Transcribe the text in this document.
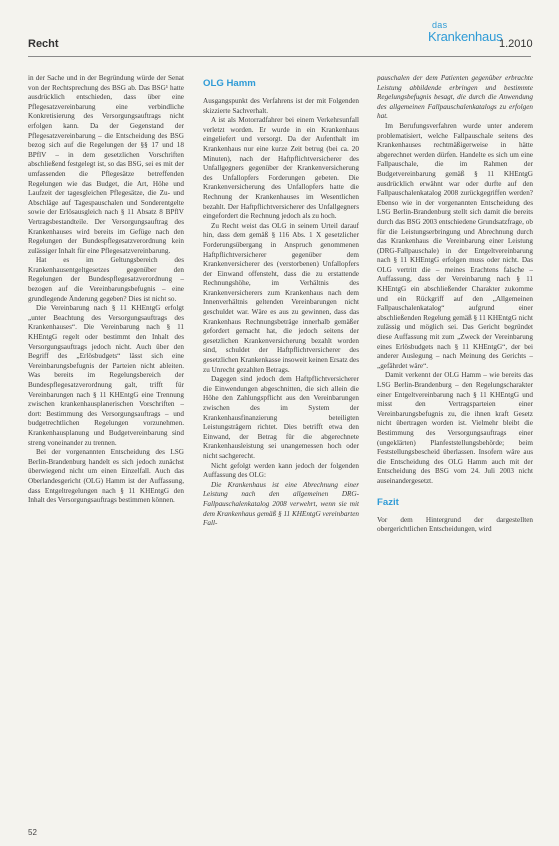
Recht
das
Krankenhaus
1.2010

in der Sache und in der Begründung würde der Senat von der Rechtsprechung des BSG ab. Das BSG¹ hatte ausdrücklich entschieden, dass über eine Pflegesatzvereinbarung eine verbindliche Konkretisierung des Versorgungsauftrags nicht erfolgen kann. Da der Gegenstand der Pflegesatzvereinbarung – die Entscheidung des BSG bezog sich auf die Regelungen der §§ 17 und 18 BPflV – in dem gesetzlichen Vorschriften abschließend festgelegt ist, so das BSG, sei es mit der umfassenden die Pflegesätze betreffenden Regelungen wie das Budget, die Art, Höhe und Laufzeit der tagesgleichen Pflegesätze, die Zu- und Abschläge auf Tagespauschalen und Sonderentgelte sowie der Erlösausgleich nach § 11 Absatz 8 BPflV Vertragsbestandteile. Der Versorgungsauftrag des Krankenhauses wird bereits im Gefüge nach den Regelungen der Bundespflegesatzverordnung kein zulässiger Inhalt für eine Pflegesatzvereinbarung.

Hat es im Geltungsbereich des Krankenhausentgeltgesetzes gegenüber den Regelungen der Bundespflegesatzverordnung – bezogen auf die Vereinbarungsbefugnis – eine grundlegende Änderung gegeben? Dies ist nicht so.

Die Vereinbarung nach § 11 KHEntgG erfolgt „unter Beachtung des Versorgungsauftrags des Krankenhauses“. Die Vereinbarung nach § 11 KHEntgG regelt oder bestimmt den Inhalt des Versorgungsauftrags jedoch nicht. Auch über den Begriff des „Erlösbudgets“ lässt sich eine Vereinbarungsbefugnis der Parteien nicht ableiten. Was bereits im Regelungsbereich der Bundespflegesatzverordnung galt, trifft für Vereinbarungen nach § 11 KHEntgG eine Trennung zwischen krankenhausplanerischen Vorschriften – dort: Bestimmung des Versorgungsauftrags – und budgetrechtlichen Regelungen vorzunehmen. Krankenhausplanung und Budgetvereinbarung sind streng voneinander zu trennen.

Bei der vorgenannten Entscheidung des LSG Berlin-Brandenburg handelt es sich jedoch zunächst überwiegend nicht um einen Einzelfall. Auch das Oberlandesgericht (OLG) Hamm ist der Auffassung, dass Entgeltregelungen nach § 11 KHEntgG den Inhalt des Versorgungsauftrags bestimmen können.

OLG Hamm

Ausgangspunkt des Verfahrens ist der mit Folgenden skizzierte Sachverhalt.

A ist als Motorradfahrer bei einem Verkehrsunfall verletzt worden. Er wurde in ein Krankenhaus eingeliefert und versorgt. Da der Aufenthalt im Krankenhaus nur eine kurze Zeit betrug (bei ca. 20 Minuten), nach der Haftpflichtversicherer des Unfallgegners gegenüber der Krankenversicherung des Unfallopfers Forderungen gebeten. Die Krankenversicherung des Unfallopfers hatte die Rechnung der Krankenhauses im Wesentlichen bezahlt. Der Haftpflichtversicherer des Unfallgegners eingefordert die Rechnung jedoch als zu hoch.

Zu Recht weist das OLG in seinem Urteil darauf hin, dass dem gemäß § 116 Abs. 1 X gesetzlicher Forderungsübergang in Anspruch genommenen Haftpflichtversicherer gegenüber dem Krankenversicherer des (verstorbenen) Unfallopfers der Einwand offensteht, dass die zu erstattende Rechnungshöhe, im Verhältnis des Krankenversicherers zum Krankenhaus nach dem Innenverhältnis geltenden Vereinbarungen nicht geschuldet war. Wäre es aus zu gewinnen, dass das Krankenhaus Rechnungsbeträge innerhalb gemäßer gefordert gemacht hat, die jedoch seitens der gesetzlichen Krankenversicherung bezahlt worden sind, schuldet der Haftpflichtversicherer des gesetzlichen Krankenkasse insoweit keinen Ersatz des zu Unrecht gezahlten Betrags.

Dagegen sind jedoch dem Haftpflichtversicherer die Einwendungen abgeschnitten, die sich allein die Höhe den Zahlungspflicht aus den Vereinbarungen zwischen des im System der Krankenhausfinanzierung beteiligten Leistungsträgern richtet. Dies betrifft etwa den Einwand, der Betrag für die abgerechnete Krankenhausleistung sei unangemessen hoch oder nicht sachgerecht.

Nicht gefolgt werden kann jedoch der folgenden Auffassung des OLG:

Die Krankenhaus ist eine Abrechnung einer Leistung nach den allgemeinen DRG-Fallpauschalenkatalog 2008 verwehrt, wenn sie mit dem Krankenhaus gemäß § 11 KHEntgG vereinbarten Fall-

pauschalen der dem Patienten gegenüber erbrachte Leistung abbildende erbringen und bestimmte Regelungsbefugnis besagt, die durch die Anwendung des allgemeinen Fallpauschalenkatalogs zu erfolgen hat.

Im Berufungsverfahren wurde unter anderem problematisiert, welche Fallpauschale seitens des Krankenhauses rechtmäßigerweise in hätte abgerechnet werden dürfen. Handelte es sich um eine Fallpauschale, die im Rahmen der Budgetvereinbarung gemäß § 11 KHEntgG ausdrücklich erwähnt war oder durfte auf den Fallpauschalenkatalog 2008 zurückgegriffen werden? Ebenso wie in der vorgenannten Entscheidung des LSG Berlin-Brandenburg stellt sich damit die bereits durch das BSG 2003 entschiedene Grundsatzfrage, ob für die Leistungserbringung und Abrechnung durch das Krankenhaus die Vereinbarung einer Leistung (DRG-Fallpauschale) in der Entgeltvereinbarung nach § 11 KHEntgG erfolgen muss oder nicht. Das OLG vertritt die – meines Erachtens falsche – Auffassung, dass der Vereinbarung nach § 11 KHEntgG ein abschließender Charakter zukomme und ein Rückgriff auf den „Allgemeinen Fallpauschalenkatalog“ aufgrund einer abschließenden Regelung gemäß § 11 KHEntgG nicht zulässig und möglich sei. Das Gericht begründet diese Auffassung mit zum „Zweck der Vereinbarung eines Erlösbudgets nach § 11 KHEntgG“, der bei anderer Auslegung – nach Meinung des Gerichts – „gefährdet wäre“.

Damit verkennt der OLG Hamm – wie bereits das LSG Berlin-Brandenburg – den Regelungscharakter einer Entgeltvereinbarung nach § 11 KHEntgG und misst den Vertragsparteien einer Vereinbarungsbefugnis zu, die ihnen kraft Gesetz nicht übertragen worden ist. Vielmehr bleibt die Bestimmung des Versorgungsauftrags einer (ungeklärten) Planfeststellungsbehörde; beim Feststellungsbescheid überlassen. Insofern wäre aus die Entscheidung des OLG Hamm auch mit der Entscheidung des BSG vom 24. Juli 2003 nicht auseinandergesetzt.

Fazit

Vor dem Hintergrund der dargestellten obergerichtlichen Entscheidungen, wird

52
